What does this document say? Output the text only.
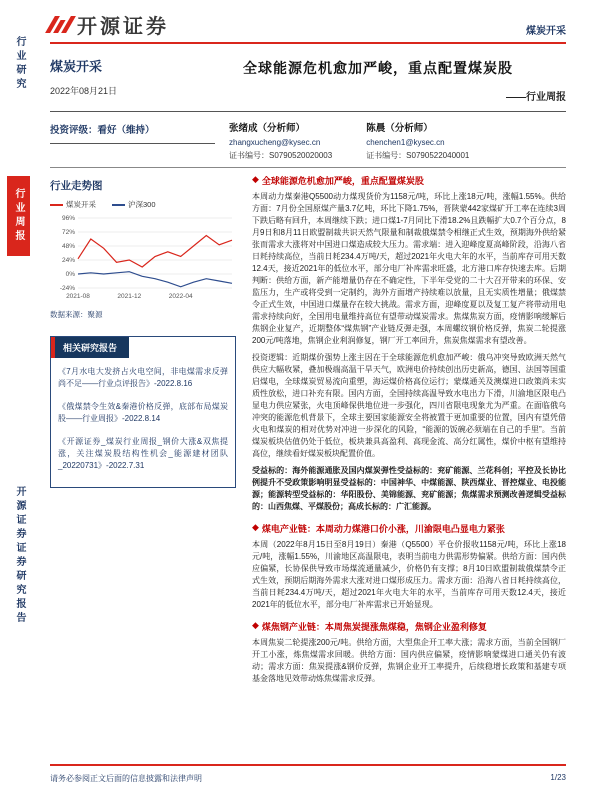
行业研究
行业周报
开源证券证券研究报告
开源证券	煤炭开采
煤炭开采
2022年08月21日
全球能源危机愈加严峻，重点配置煤炭股
——行业周报
投资评级：看好（维持）	张绪成（分析师）
zhangxucheng@kysec.cn
证书编号：S0790520020003
陈晨（分析师）
chenchen1@kysec.cn
证书编号：S0790522040001
行业走势图
煤炭开采	沪深300
96%
72%
48%
24%
0%
-24%
2021-08	2021-12	2022-04
数据来源：聚源
相关研究报告
《7月水电大发挤占火电空间，非电煤需求反弹尚不足——行业点评报告》-2022.8.16
《俄煤禁令生效&秦港价格反弹，底部布局煤炭股——行业周报》-2022.8.14
《开源证券_煤炭行业周报_钢价大涨&双焦提涨，关注煤炭股结构性机会_能源建材团队_20220731》-2022.7.31
◆ 全球能源危机愈加严峻，重点配置煤炭股

本周动力煤秦港Q5500动力煤现货价为1158元/吨，环比上涨18元/吨，涨幅1.55%。供给方面：7月份全国原煤产量3.7亿吨，环比下降1.75%，晋陕蒙442家煤矿开工率在连续3周下跌后略有回升，本周继续下跌；进口煤1-7月同比下滑18.2%且跌幅扩大0.7个百分点，8月9日和8月11日欧盟制裁共识天然气限量和制裁俄煤禁令相继正式生效，预期海外供给紧张而需求大涨将对中国进口煤造成较大压力。需求端：进入迎峰度夏高峰阶段，沿海八省日耗持续高位，当前日耗234.4万吨/天，超过2021年火电大年的水平，当前库存可用天数12.4天，接近2021年的低位水平，部分电厂补库需求旺盛，北方港口库存快速去库。后期判断：供给方面，新产能增量仍存在不确定性，下半年受党的二十大召开带来的环保、安监压力，生产或将受到一定制约，海外方面增产持续难以放量，且无实质性增量；俄煤禁令正式生效，中国进口煤量存在较大挑战。需求方面，迎峰度夏以及复工复产将带动用电需求持续向好，全国用电量维持高位有望带动煤炭需求。焦煤焦炭方面，疫情影响缓解后焦钢企业复产，近期整体“煤焦钢”产业链反弹走强，本周螺纹钢价格反弹，焦炭二轮提涨200元/吨落地，焦钢企业利润修复，钢厂开工率回升，焦炭焦煤需求有望改善。

投资逻辑：近期煤价强势上涨主因在于全球能源危机愈加严峻：俄乌冲突导致欧洲天然气供应大幅收紧，叠加极端高温干旱天气，欧洲电价持续创出历史新高，德国、法国等国重启煤电，全球煤炭贸易流向重塑，海运煤价格高位运行；蒙煤通关及澳煤进口政策尚未实质性放松，进口补充有限。国内方面，全国持续高温导致水电出力下滑，川渝地区限电凸显电力供应紧张，火电顶峰保供地位进一步强化，四川省限电现象尤为严重。在面临俄乌冲突的能源危机背景下，全球主要国家能源安全将被置于更加重要的位置，国内有望凭借火电和煤炭的相对优势对冲进一步深化的风险，“能源的饭碗必须端在自己的手里”。当前煤炭板块估值仍处于低位，板块兼具高盈利、高现金流、高分红属性，煤价中枢有望维持高位，继续看好煤炭板块配置价值。

受益标的：海外能源通胀及国内煤炭弹性受益标的：兖矿能源、兰花科创；平控及长协比例提升不受政策影响明显受益标的：中国神华、中煤能源、陕西煤业、晋控煤业、电投能源；能源转型受益标的：华阳股份、美锦能源、兖矿能源；焦煤需求预测改善逻辑受益标的：山西焦煤、平煤股份；高成长标的：广汇能源。

◆ 煤电产业链：本周动力煤港口价小涨，川渝限电凸显电力紧张

本周（2022年8月15日至8月19日）秦港（Q5500）平仓价报收1158元/吨，环比上涨18元/吨，涨幅1.55%，川渝地区高温限电，表明当前电力供需形势偏紧。供给方面：国内供应偏紧，长协保供导致市场煤流通量减少，价格仍有支撑；8月10日欧盟制裁俄煤禁令正式生效，预期后期海外需求大涨对进口煤形成压力。需求方面：沿海八省日耗持续高位，当前日耗234.4万吨/天，超过2021年火电大年的水平，当前库存可用天数12.4天，接近2021年的低位水平，部分电厂补库需求已开始显现。

◆ 煤焦钢产业链：本周焦炭提涨焦煤稳，焦钢企业盈利修复

本周焦炭二轮提涨200元/吨。供给方面，大型焦企开工率大涨；需求方面，当前全国钢厂开工小涨，炼焦煤需求回暖。供给方面：国内供应偏紧，疫情影响蒙煤进口通关仍有波动；需求方面：焦炭提涨&钢价反弹，焦钢企业开工率提升，后续稳增长政策和基建专项基金落地见效带动炼焦煤需求反弹。

请务必参阅正文后面的信息披露和法律声明	1/23
